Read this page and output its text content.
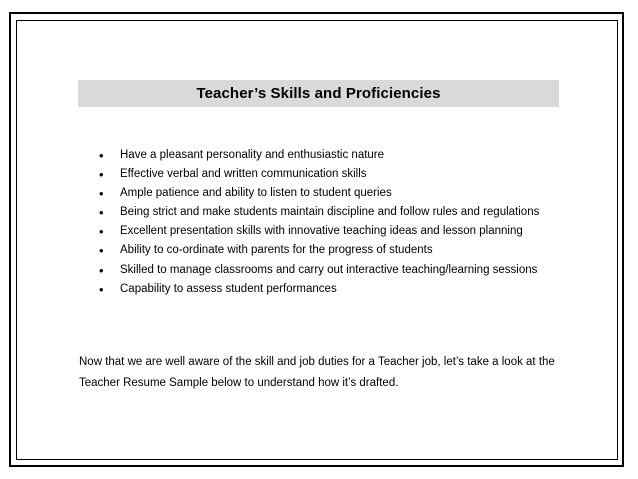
Teacher’s Skills and Proficiencies
• Have a pleasant personality and enthusiastic nature
• Effective verbal and written communication skills
• Ample patience and ability to listen to student queries
• Being strict and make students maintain discipline and follow rules and regulations
• Excellent presentation skills with innovative teaching ideas and lesson planning
• Ability to co-ordinate with parents for the progress of students
• Skilled to manage classrooms and carry out interactive teaching/learning sessions
• Capability to assess student performances

Now that we are well aware of the skill and job duties for a Teacher job, let’s take a look at the Teacher Resume Sample below to understand how it’s drafted.
